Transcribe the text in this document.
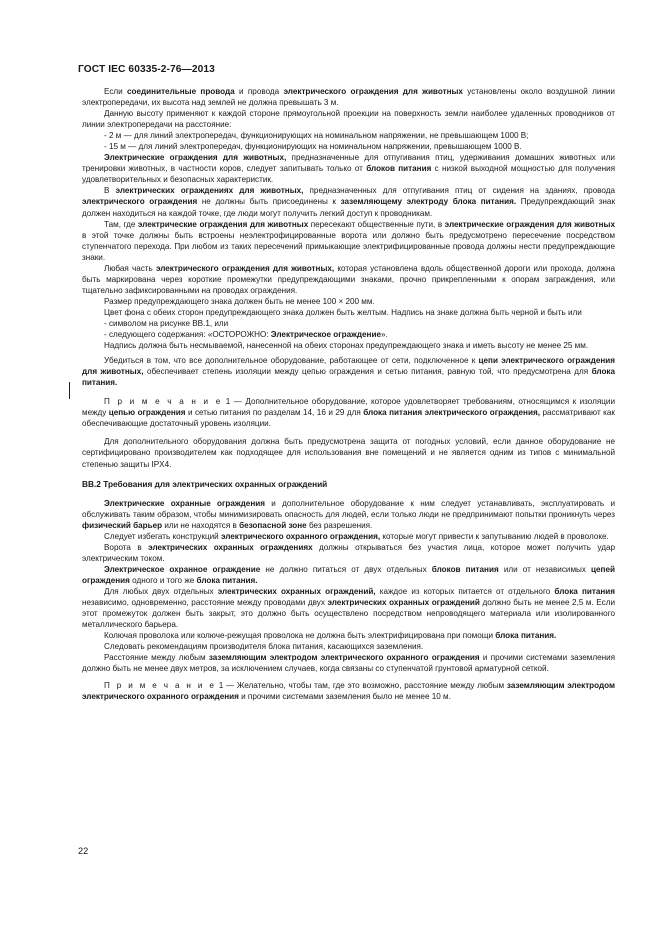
ГОСТ IEC 60335-2-76—2013

Если соединительные провода и провода электрического ограждения для животных установлены около воздушной линии электропередачи, их высота над землей не должна превышать 3 м.

Данную высоту применяют к каждой стороне прямоугольной проекции на поверхность земли наиболее удаленных проводников от линии электропередачи на расстояние:

- 2 м — для линий электропередач, функционирующих на номинальном напряжении, не превышающем 1000 В;

- 15 м — для линий электропередач, функционирующих на номинальном напряжении, превышающем 1000 В.

Электрические ограждения для животных, предназначенные для отпугивания птиц, удерживания домашних животных или тренировки животных, в частности коров, следует запитывать только от блоков питания с низкой выходной мощностью для получения удовлетворительных и безопасных характеристик.

В электрических ограждениях для животных, предназначенных для отпугивания птиц от сидения на зданиях, провода электрического ограждения не должны быть присоединены к заземляющему электроду блока питания. Предупреждающий знак должен находиться на каждой точке, где люди могут получить легкий доступ к проводникам.

Там, где электрические ограждения для животных пересекают общественные пути, в электрические ограждения для животных в этой точке должны быть встроены неэлектрофицированные ворота или должно быть предусмотрено пересечение посредством ступенчатого перехода. При любом из таких пересечений примыкающие электрифицированные провода должны нести предупреждающие знаки.

Любая часть электрического ограждения для животных, которая установлена вдоль общественной дороги или прохода, должна быть маркирована через короткие промежутки предупреждающими знаками, прочно прикрепленными к опорам заграждения, или тщательно зафиксированными на проводах ограждения.

Размер предупреждающего знака должен быть не менее 100 × 200 мм.

Цвет фона с обеих сторон предупреждающего знака должен быть желтым. Надпись на знаке должна быть черной и быть или

- символом на рисунке ВВ.1, или

- следующего содержания: «ОСТОРОЖНО: Электрическое ограждение».

Надпись должна быть несмываемой, нанесенной на обеих сторонах предупреждающего знака и иметь высоту не менее 25 мм.

Убедиться в том, что все дополнительное оборудование, работающее от сети, подключенное к цепи электрического ограждения для животных, обеспечивает степень изоляции между цепью ограждения и сетью питания, равную той, что предусмотрена для блока питания.

П р и м е ч а н и е 1 — Дополнительное оборудование, которое удовлетворяет требованиям, относящимся к изоляции между цепью ограждения и сетью питания по разделам 14, 16 и 29 для блока питания электрического ограждения, рассматривают как обеспечивающие достаточный уровень изоляции.

Для дополнительного оборудования должна быть предусмотрена защита от погодных условий, если данное оборудование не сертифицировано производителем как подходящее для использования вне помещений и не является одним из типов с минимальной степенью защиты IPX4.

ВВ.2 Требования для электрических охранных ограждений

Электрические охранные ограждения и дополнительное оборудование к ним следует устанавливать, эксплуатировать и обслуживать таким образом, чтобы минимизировать опасность для людей, если только люди не предпринимают попытки проникнуть через физический барьер или не находятся в безопасной зоне без разрешения.

Следует избегать конструкций электрического охранного ограждения, которые могут привести к запутыванию людей в проволоке.

Ворота в электрических охранных ограждениях должны открываться без участия лица, которое может получить удар электрическим током.

Электрическое охранное ограждение не должно питаться от двух отдельных блоков питания или от независимых цепей ограждения одного и того же блока питания.

Для любых двух отдельных электрических охранных ограждений, каждое из которых питается от отдельного блока питания независимо, одновременно, расстояние между проводами двух электрических охранных ограждений должно быть не менее 2,5 м. Если этот промежуток должен быть закрыт, это должно быть осуществлено посредством непроводящего материала или изолированного металлического барьера.

Колючая проволока или колюче-режущая проволока не должна быть электрифицирована при помощи блока питания.

Следовать рекомендациям производителя блока питания, касающихся заземления.

Расстояние между любым заземляющим электродом электрического охранного ограждения и прочими системами заземления должно быть не менее двух метров, за исключением случаев, когда связаны со ступенчатой грунтовой арматурной сеткой.

П р и м е ч а н и е 1 — Желательно, чтобы там, где это возможно, расстояние между любым заземляющим электродом электрического охранного ограждения и прочими системами заземления было не менее 10 м.

22
